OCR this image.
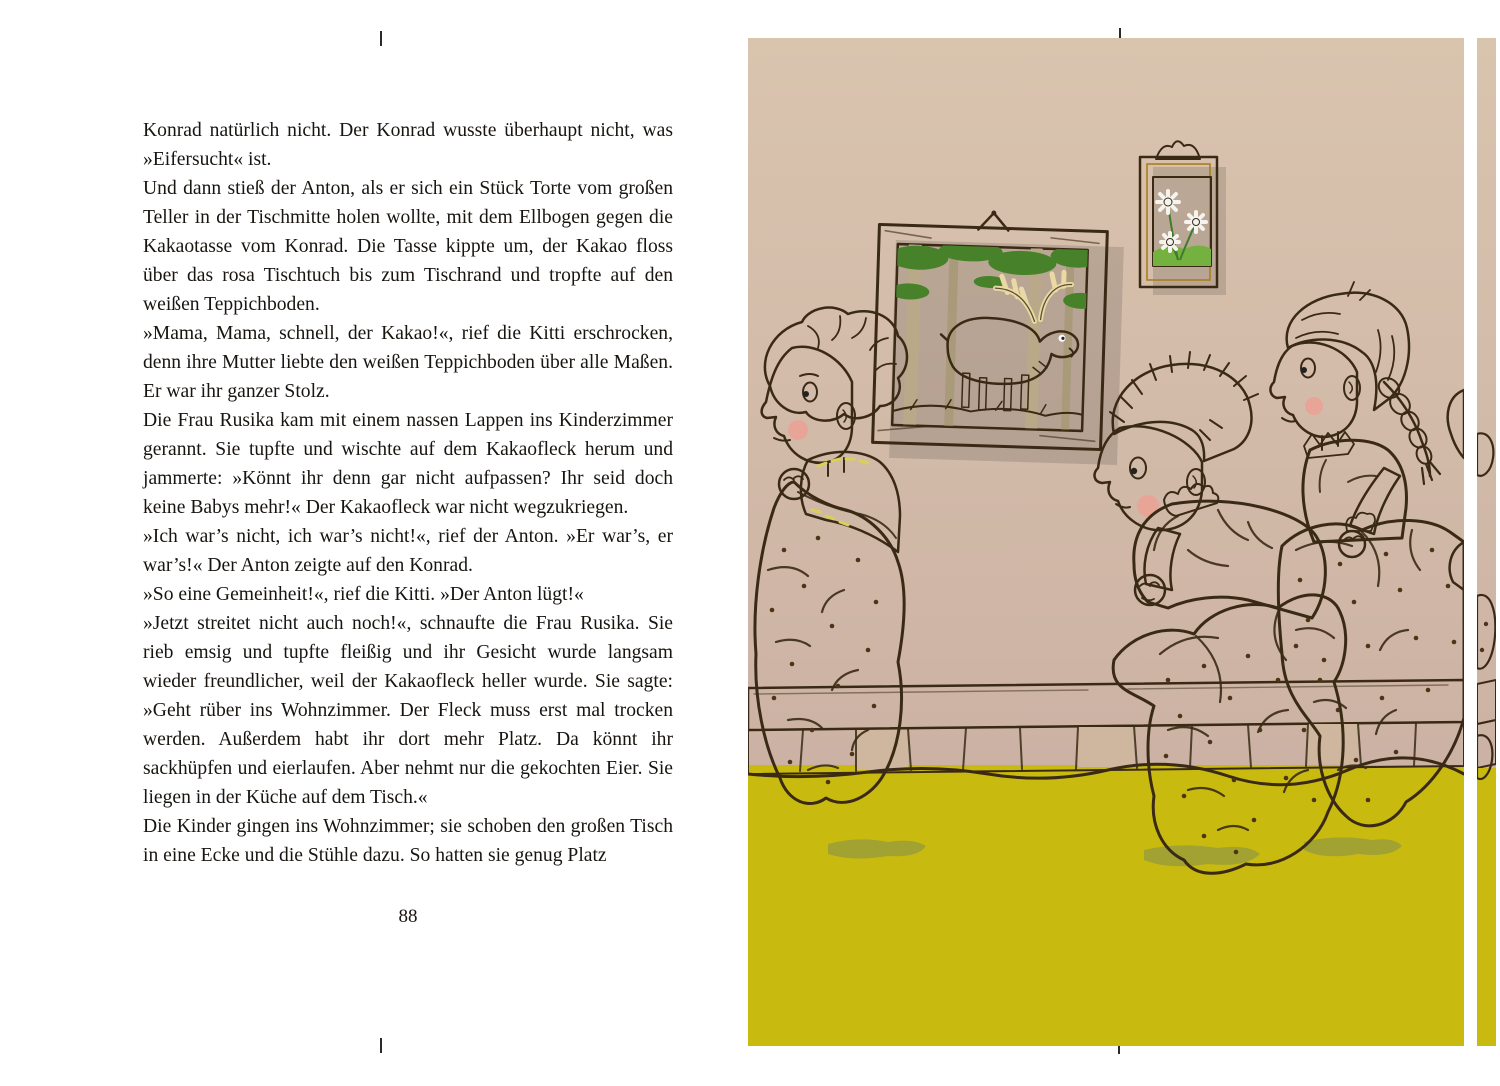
Konrad natürlich nicht. Der Konrad wusste überhaupt nicht, was »Eifersucht« ist.

Und dann stieß der Anton, als er sich ein Stück Torte vom großen Teller in der Tischmitte holen wollte, mit dem Ellbogen gegen die Kakaotasse vom Konrad. Die Tasse kippte um, der Kakao floss über das rosa Tischtuch bis zum Tischrand und tropfte auf den weißen Teppichboden.

»Mama, Mama, schnell, der Kakao!«, rief die Kitti erschrocken, denn ihre Mutter liebte den weißen Teppichboden über alle Maßen. Er war ihr ganzer Stolz.

Die Frau Rusika kam mit einem nassen Lappen ins Kinderzimmer gerannt. Sie tupfte und wischte auf dem Kakaofleck herum und jammerte: »Könnt ihr denn gar nicht aufpassen? Ihr seid doch keine Babys mehr!« Der Kakaofleck war nicht wegzukriegen.

»Ich war’s nicht, ich war’s nicht!«, rief der Anton. »Er war’s, er war’s!« Der Anton zeigte auf den Konrad.

»So eine Gemeinheit!«, rief die Kitti. »Der Anton lügt!«

»Jetzt streitet nicht auch noch!«, schnaufte die Frau Rusika. Sie rieb emsig und tupfte fleißig und ihr Gesicht wurde langsam wieder freundlicher, weil der Kakaofleck heller wurde. Sie sagte: »Geht rüber ins Wohnzimmer. Der Fleck muss erst mal trocken werden. Außerdem habt ihr dort mehr Platz. Da könnt ihr sackhüpfen und eierlaufen. Aber nehmt nur die gekochten Eier. Sie liegen in der Küche auf dem Tisch.«

Die Kinder gingen ins Wohnzimmer; sie schoben den großen Tisch in eine Ecke und die Stühle dazu. So hatten sie genug Platz

88
